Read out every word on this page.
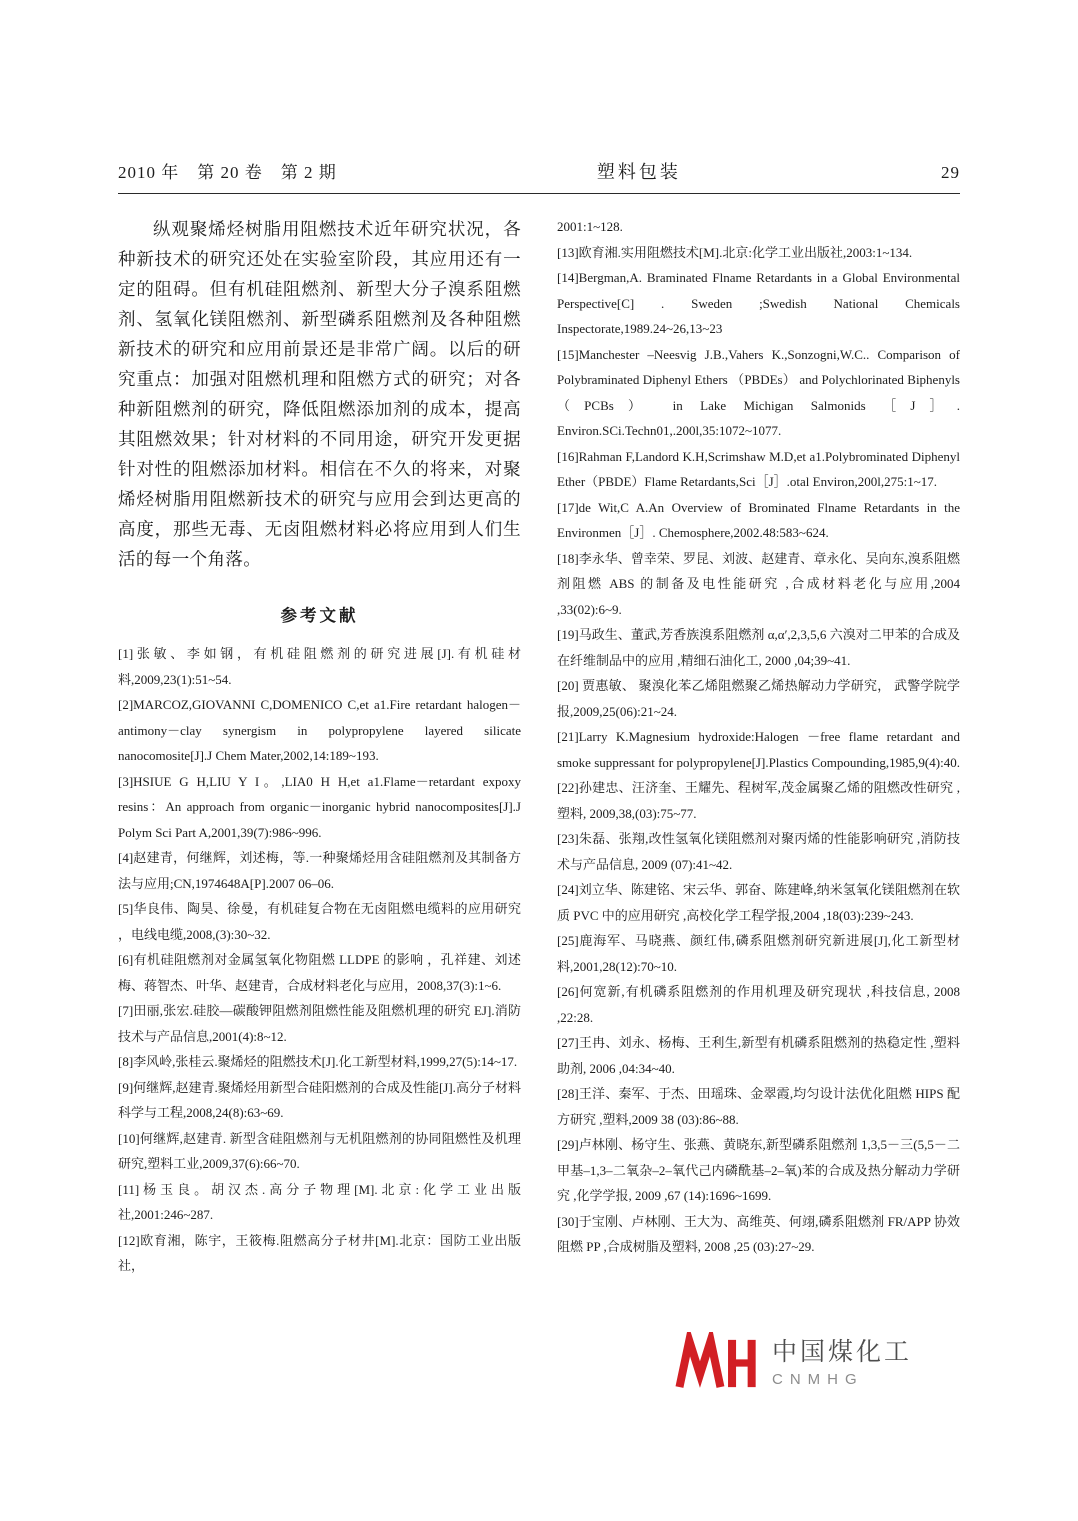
2010 年　第 20 卷　第 2 期	塑料包装	29

纵观聚烯烃树脂用阻燃技术近年研究状况，各种新技术的研究还处在实验室阶段，其应用还有一定的阻碍。但有机硅阻燃剂、新型大分子溴系阻燃剂、氢氧化镁阻燃剂、新型磷系阻燃剂及各种阻燃新技术的研究和应用前景还是非常广阔。以后的研究重点：加强对阻燃机理和阻燃方式的研究；对各种新阻燃剂的研究，降低阻燃添加剂的成本，提高其阻燃效果；针对材料的不同用途，研究开发更据针对性的阻燃添加材料。相信在不久的将来，对聚烯烃树脂用阻燃新技术的研究与应用会到达更高的高度，那些无毒、无卤阻燃材料必将应用到人们生活的每一个角落。

参考文献

[1]张敏、李如钢，有机硅阻燃剂的研究进展[J].有机硅材料,2009,23(1):51~54.

[2]MARCOZ,GIOVANNI C,DOMENICO C,et a1.Fire retardant halogen－antimony－clay synergism in polypropylene layered silicate nanocomosite[J].J Chem Mater,2002,14:189~193.

[3]HSIUE G H,LIU Y I。,LIA0 H H,et a1.Flame－retardant expoxy resins：An approach from organic－inorganic hybrid nanocomposites[J].J Polym Sci Part A,2001,39(7):986~996.

[4]赵建青，何继辉，刘述梅，等.一种聚烯烃用含硅阻燃剂及其制备方法与应用;CN,1974648A[P].2007 06–06.

[5]华良伟、陶昊、徐曼，有机硅复合物在无卤阻燃电缆料的应用研究 ，电线电缆,2008,(3):30~32.

[6]有机硅阻燃剂对金属氢氧化物阻燃 LLDPE 的影响 ，孔祥建、刘述梅、蒋智杰、叶华、赵建青，合成材料老化与应用，2008,37(3):1~6.

[7]田丽,张宏.硅胶—碳酸钾阻燃剂阻燃性能及阻燃机理的研究 EJ].消防技术与产品信息,2001(4):8~12.

[8]李风岭,张桂云.聚烯烃的阻燃技术[J].化工新型材料,1999,27(5):14~17.

[9]何继辉,赵建青.聚烯烃用新型合硅阳燃剂的合成及性能[J].高分子材料科学与工程,2008,24(8):63~69.

[10]何继辉,赵建青. 新型含硅阻燃剂与无机阻燃剂的协同阻燃性及机理研究,塑料工业,2009,37(6):66~70.

[11]杨玉良。胡汉杰.高分子物理[M].北京:化学工业出版社,2001:246~287.

[12]欧育湘，陈宇，王筱梅.阻燃高分子材井[M].北京：国防工业出版社，

2001:1~128.

[13]欧育湘.实用阻燃技术[M].北京:化学工业出版社,2003:1~134.

[14]Bergman,A. Braminated Flname Retardants in a Global Environmental Perspective[C] . Sweden ;Swedish National Chemicals Inspectorate,1989.24~26,13~23

[15]Manchester –Neesvig J.B.,Vahers K.,Sonzogni,W.C.. Comparison of Polybraminated Diphenyl Ethers （PBDEs） and Polychlorinated Biphenyls （PCBs） in Lake Michigan Salmonids ［J］. Environ.SCi.Techn01,.200l,35:1072~1077.

[16]Rahman F,Landord K.H,Scrimshaw M.D,et a1.Polybrominated Diphenyl Ether（PBDE）Flame Retardants,Sci［J］.otal Environ,200l,275:1~17.

[17]de Wit,C A.An Overview of Brominated Flname Retardants in the Environmen［J］. Chemosphere,2002.48:583~624.

[18]李永华、曾幸荣、罗昆、刘波、赵建青、章永化、吴向东,溴系阻燃剂阻燃 ABS 的制备及电性能研究 ,合成材料老化与应用,2004 ,33(02):6~9.

[19]马政生、董武,芳香族溴系阻燃剂 α,α′,2,3,5,6 六溴对二甲苯的合成及在纤维制品中的应用 ,精细石油化工, 2000 ,04;39~41.

[20] 贾惠敏、 聚溴化苯乙烯阻燃聚乙烯热解动力学研究， 武警学院学报,2009,25(06):21~24.

[21]Larry K.Magnesium hydroxide:Halogen －free flame retardant and smoke suppressant for polypropylene[J].Plastics Compounding,1985,9(4):40.

[22]孙建忠、汪济奎、王耀先、程树军,茂金属聚乙烯的阻燃改性研究 ,塑料, 2009,38,(03):75~77.

[23]朱磊、张翔,改性氢氧化镁阻燃剂对聚丙烯的性能影响研究 ,消防技术与产品信息, 2009 (07):41~42.

[24]刘立华、陈建铭、宋云华、郭奋、陈建峰,纳米氢氧化镁阻燃剂在软质 PVC 中的应用研究 ,高校化学工程学报,2004 ,18(03):239~243.

[25]鹿海军、马晓燕、颜红伟,磷系阻燃剂研究新进展[J],化工新型材料,2001,28(12):70~10.

[26]何宽新,有机磷系阻燃剂的作用机理及研究现状 ,科技信息, 2008 ,22:28.

[27]王冉、刘永、杨梅、王利生,新型有机磷系阻燃剂的热稳定性 ,塑料助剂, 2006 ,04:34~40.

[28]王洋、秦军、于杰、田瑶珠、金翠霞,均匀设计法优化阻燃 HIPS 配方研究 ,塑料,2009 38 (03):86~88.

[29]卢林刚、杨守生、张燕、黄晓东,新型磷系阻燃剂 1,3,5－三(5,5－二甲基–1,3–二氧杂–2–氧代己内磷酰基–2–氧)苯的合成及热分解动力学研究 ,化学学报, 2009 ,67 (14):1696~1699.

[30]于宝刚、卢林刚、王大为、高维英、何翊,磷系阻燃剂 FR/APP 协效阻燃 PP ,合成树脂及塑料, 2008 ,25 (03):27~29.

中国煤化工
CNMHG
